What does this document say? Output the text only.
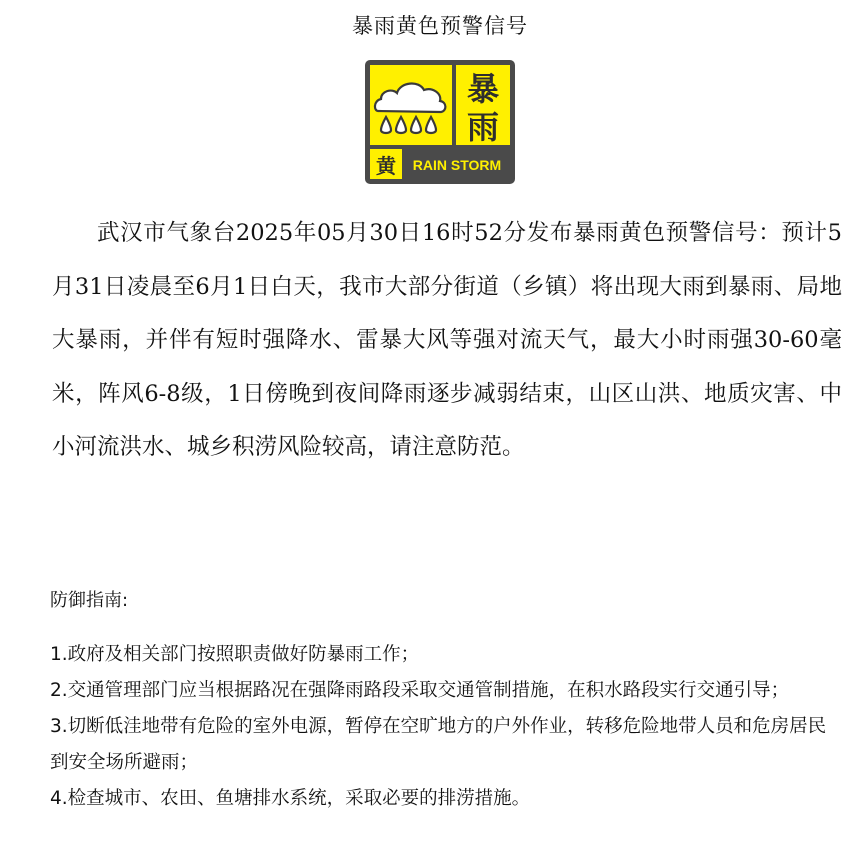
暴雨黄色预警信号
暴
黄 RAIN STORM
雨

武汉市气象台2025年05月30日16时52分发布暴雨黄色预警信号：预计5月31日凌晨至6月1日白天，我市大部分街道（乡镇）将出现大雨到暴雨、局地大暴雨，并伴有短时强降水、雷暴大风等强对流天气，最大小时雨强30-60毫米，阵风6-8级，1日傍晚到夜间降雨逐步减弱结束，山区山洪、地质灾害、中小河流洪水、城乡积涝风险较高，请注意防范。

防御指南:

1.政府及相关部门按照职责做好防暴雨工作；
2.交通管理部门应当根据路况在强降雨路段采取交通管制措施，在积水路段实行交通引导；
3.切断低洼地带有危险的室外电源，暂停在空旷地方的户外作业，转移危险地带人员和危房居民到安全场所避雨；
4.检查城市、农田、鱼塘排水系统，采取必要的排涝措施。
